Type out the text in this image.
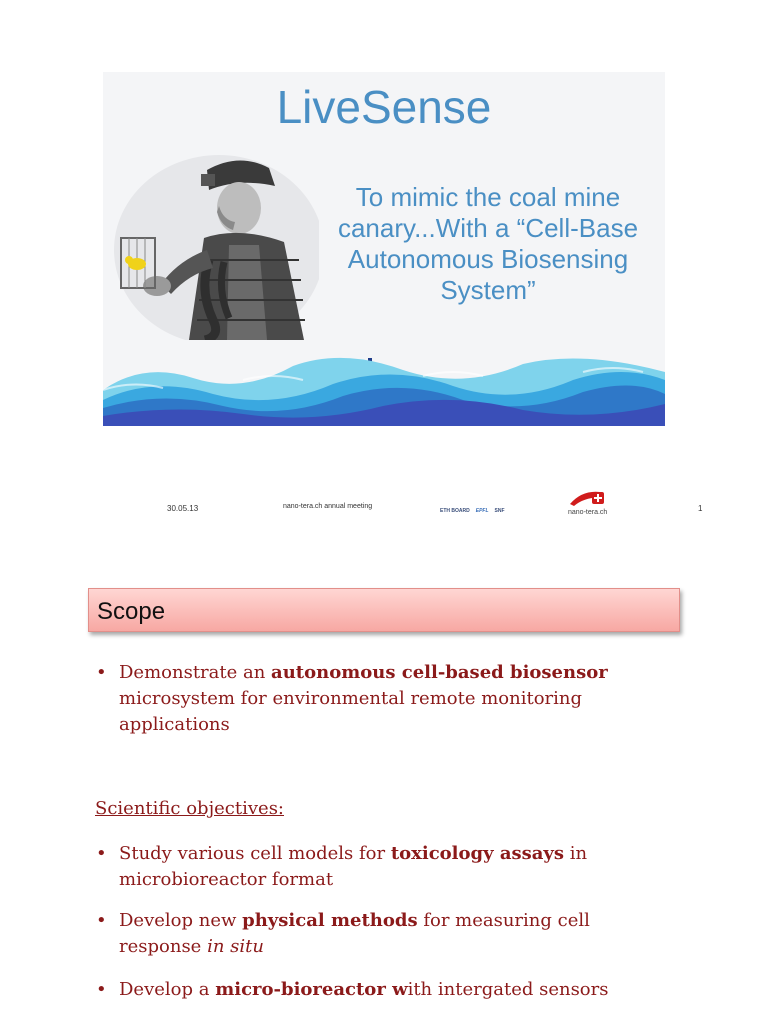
LiveSense
To mimic the coal mine
canary...With a “Cell-Base
Autonomous Biosensing
System”
30.05.13	nano-tera.ch annual meeting
ETH BOARD EPFL SNF	nano-tera.ch	1
Scope
• Demonstrate an autonomous cell-based biosensor microsystem for environmental remote monitoring applications
Scientific objectives:
• Study various cell models for toxicology assays in microbioreactor format
• Develop new physical methods for measuring cell response in situ
• Develop a micro-bioreactor with intergated sensors
